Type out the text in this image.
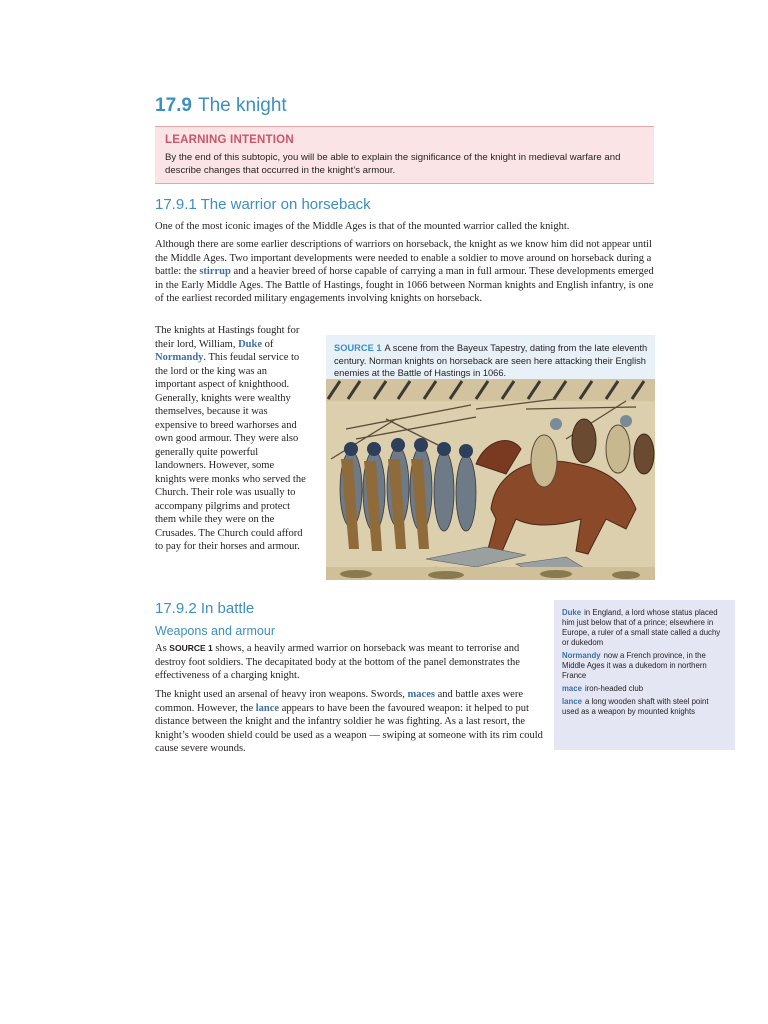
17.9 The knight
LEARNING INTENTION
By the end of this subtopic, you will be able to explain the significance of the knight in medieval warfare and describe changes that occurred in the knight’s armour.
17.9.1 The warrior on horseback

One of the most iconic images of the Middle Ages is that of the mounted warrior called the knight.

Although there are some earlier descriptions of warriors on horseback, the knight as we know him did not appear until the Middle Ages. Two important developments were needed to enable a soldier to move around on horseback during a battle: the stirrup and a heavier breed of horse capable of carrying a man in full armour. These developments emerged in the Early Middle Ages. The Battle of Hastings, fought in 1066 between Norman knights and English infantry, is one of the earliest recorded military engagements involving knights on horseback.

The knights at Hastings fought for their lord, William, Duke of Normandy. This feudal service to the lord or the king was an important aspect of knighthood. Generally, knights were wealthy themselves, because it was expensive to breed warhorses and own good armour. They were also generally quite powerful landowners. However, some knights were monks who served the Church. Their role was usually to accompany pilgrims and protect them while they were on the Crusades. The Church could afford to pay for their horses and armour.

SOURCE 1 A scene from the Bayeux Tapestry, dating from the late eleventh century. Norman knights on horseback are seen here attacking their English enemies at the Battle of Hastings in 1066.
17.9.2 In battle
Weapons and armour

As SOURCE 1 shows, a heavily armed warrior on horseback was meant to terrorise and destroy foot soldiers. The decapitated body at the bottom of the panel demonstrates the effectiveness of a charging knight.

The knight used an arsenal of heavy iron weapons. Swords, maces and battle axes were common. However, the lance appears to have been the favoured weapon: it helped to put distance between the knight and the infantry soldier he was fighting. As a last resort, the knight’s wooden shield could be used as a weapon — swiping at someone with its rim could cause severe wounds.

Duke in England, a lord whose status placed him just below that of a prince; elsewhere in Europe, a ruler of a small state called a duchy or dukedom
Normandy now a French province, in the Middle Ages it was a dukedom in northern France
mace iron-headed club
lance a long wooden shaft with steel point used as a weapon by mounted knights
